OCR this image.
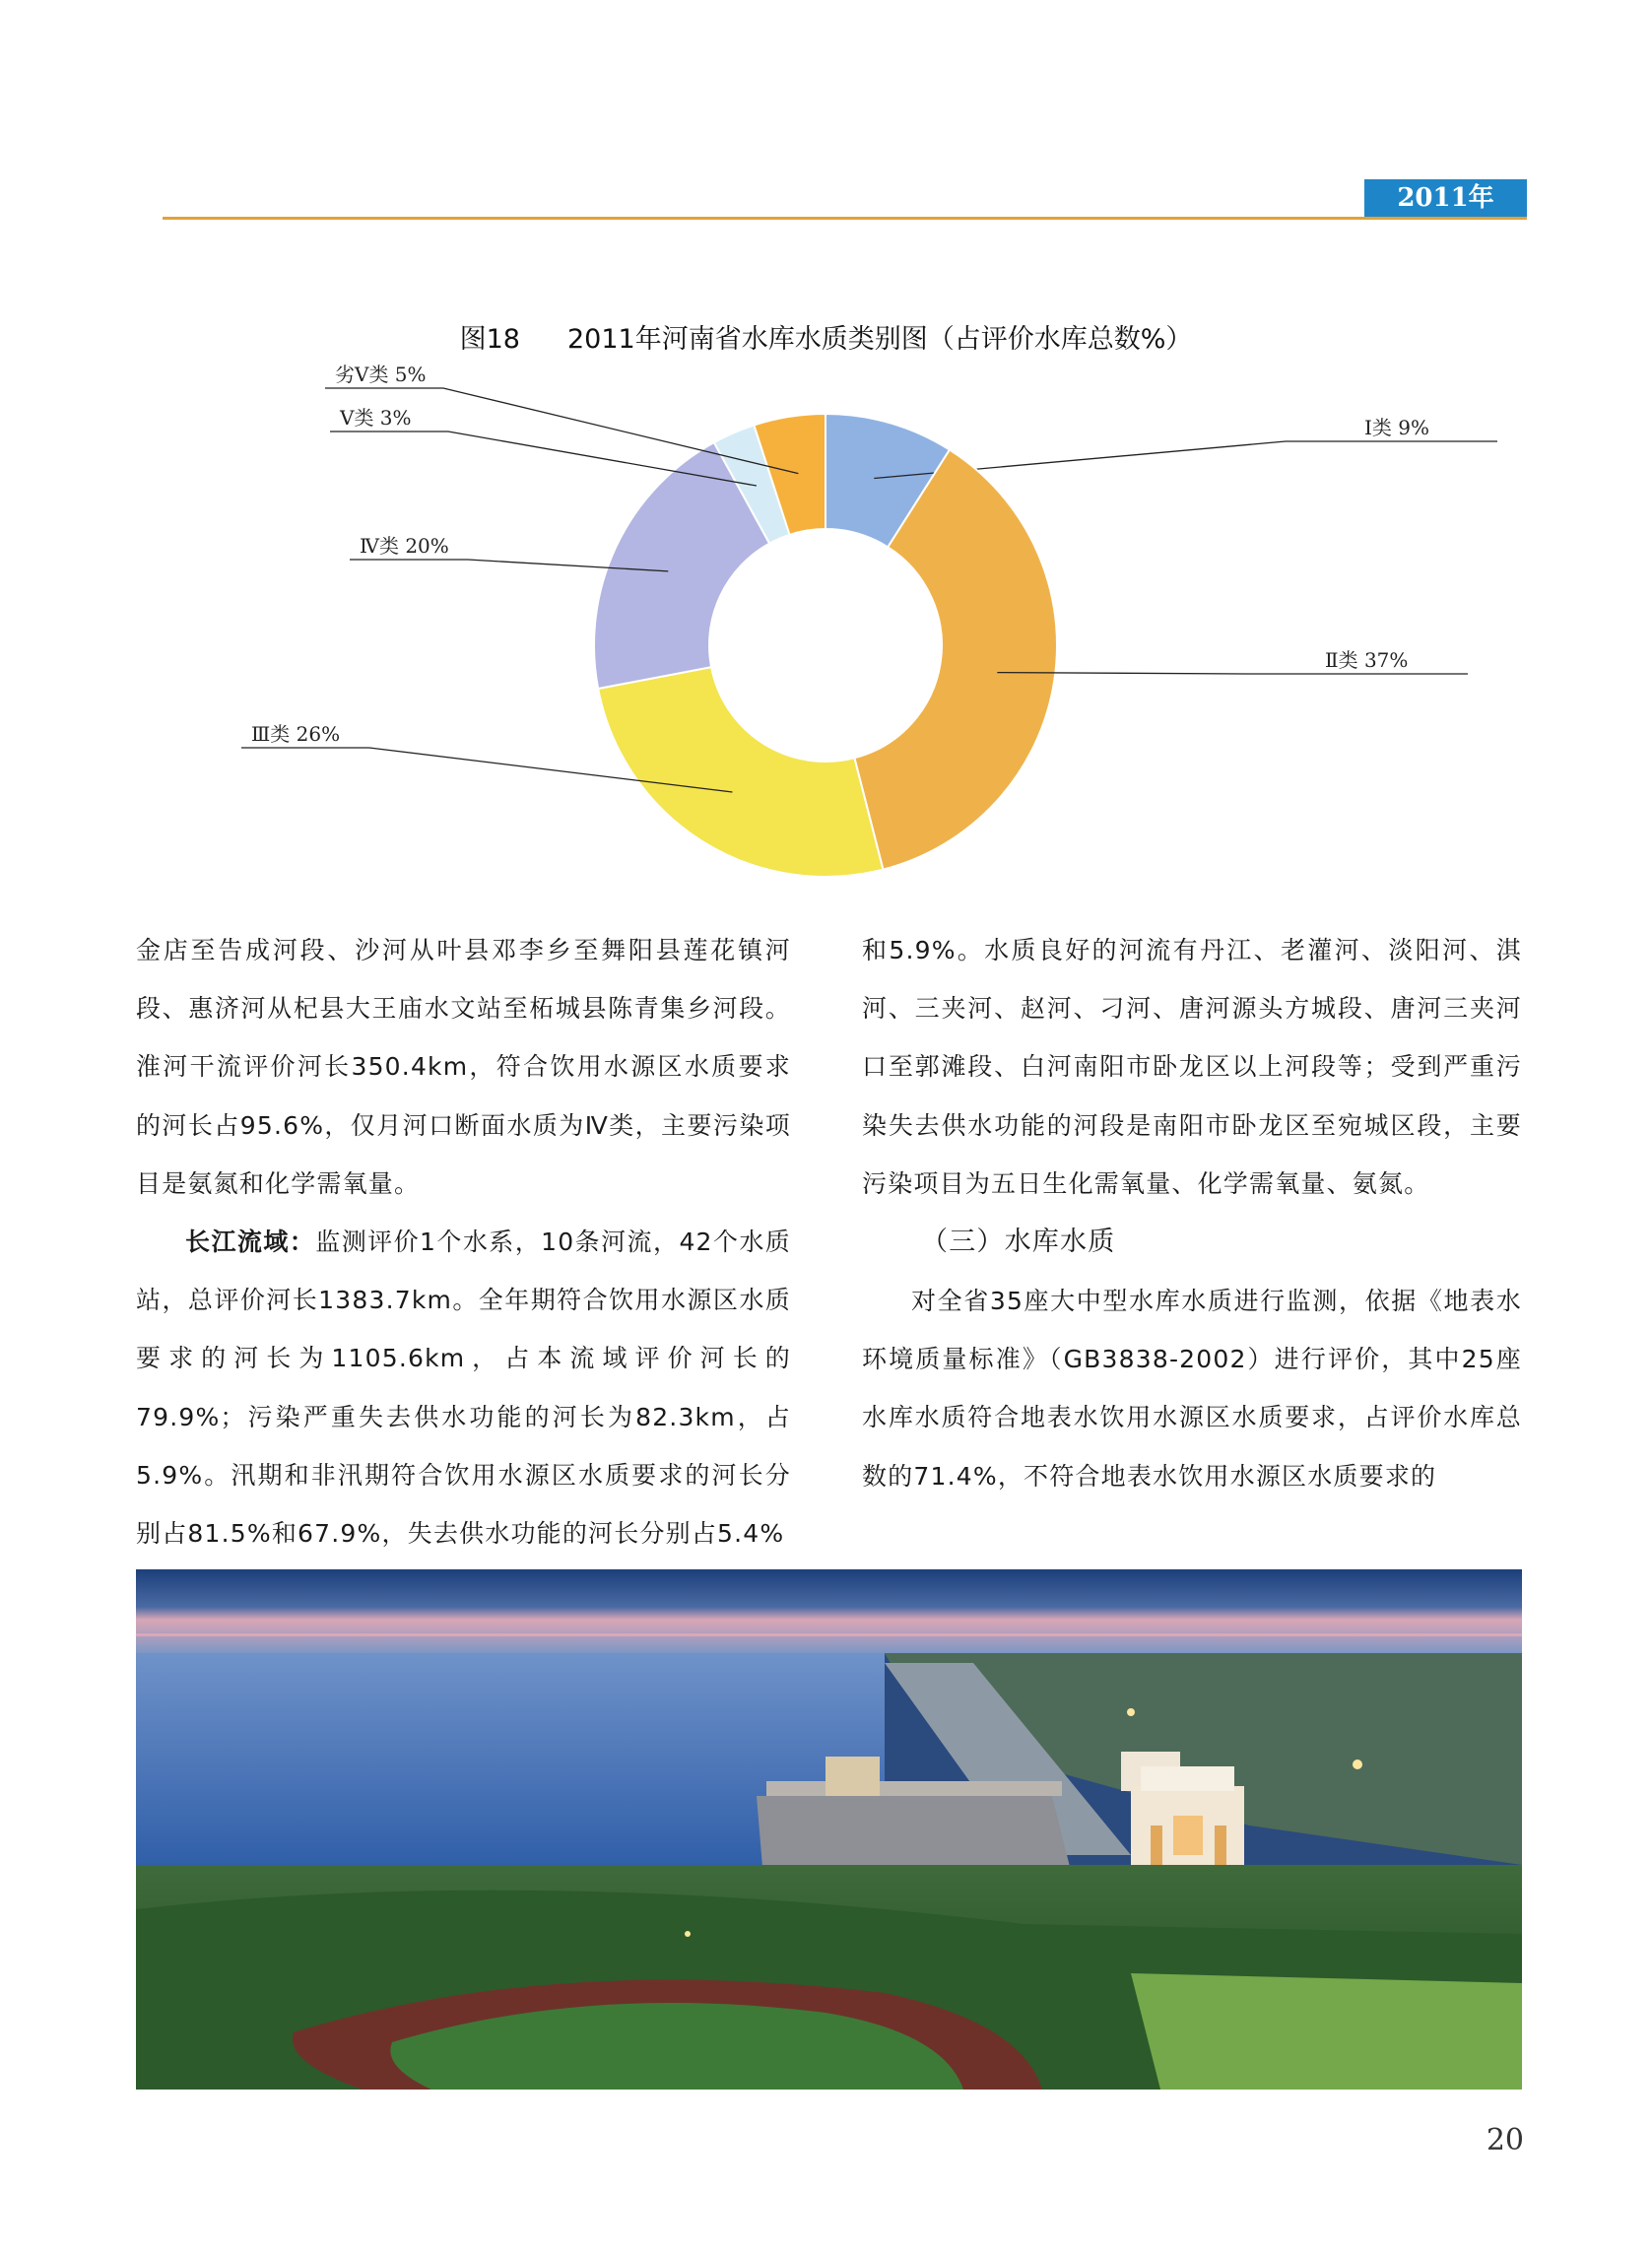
2011年
图18 2011年河南省水库水质类别图（占评价水库总数%）
Ⅰ类 9%
Ⅱ类 37%
Ⅲ类 26%
Ⅳ类 20%
Ⅴ类 3%
劣Ⅴ类 5%

金店至告成河段、沙河从叶县邓李乡至舞阳县莲花镇河段、惠济河从杞县大王庙水文站至柘城县陈青集乡河段。淮河干流评价河长350.4km，符合饮用水源区水质要求的河长占95.6%，仅月河口断面水质为Ⅳ类，主要污染项目是氨氮和化学需氧量。

长江流域：监测评价1个水系，10条河流，42个水质站，总评价河长1383.7km。全年期符合饮用水源区水质要求的河长为1105.6km，占本流域评价河长的79.9%；污染严重失去供水功能的河长为82.3km，占5.9%。汛期和非汛期符合饮用水源区水质要求的河长分别占81.5%和67.9%，失去供水功能的河长分别占5.4%

和5.9%。水质良好的河流有丹江、老灌河、淡阳河、淇河、三夹河、赵河、刁河、唐河源头方城段、唐河三夹河口至郭滩段、白河南阳市卧龙区以上河段等；受到严重污染失去供水功能的河段是南阳市卧龙区至宛城区段，主要污染项目为五日生化需氧量、化学需氧量、氨氮。

（三）水库水质

对全省35座大中型水库水质进行监测，依据《地表水环境质量标准》（GB3838-2002）进行评价，其中25座水库水质符合地表水饮用水源区水质要求，占评价水库总数的71.4%，不符合地表水饮用水源区水质要求的

20
